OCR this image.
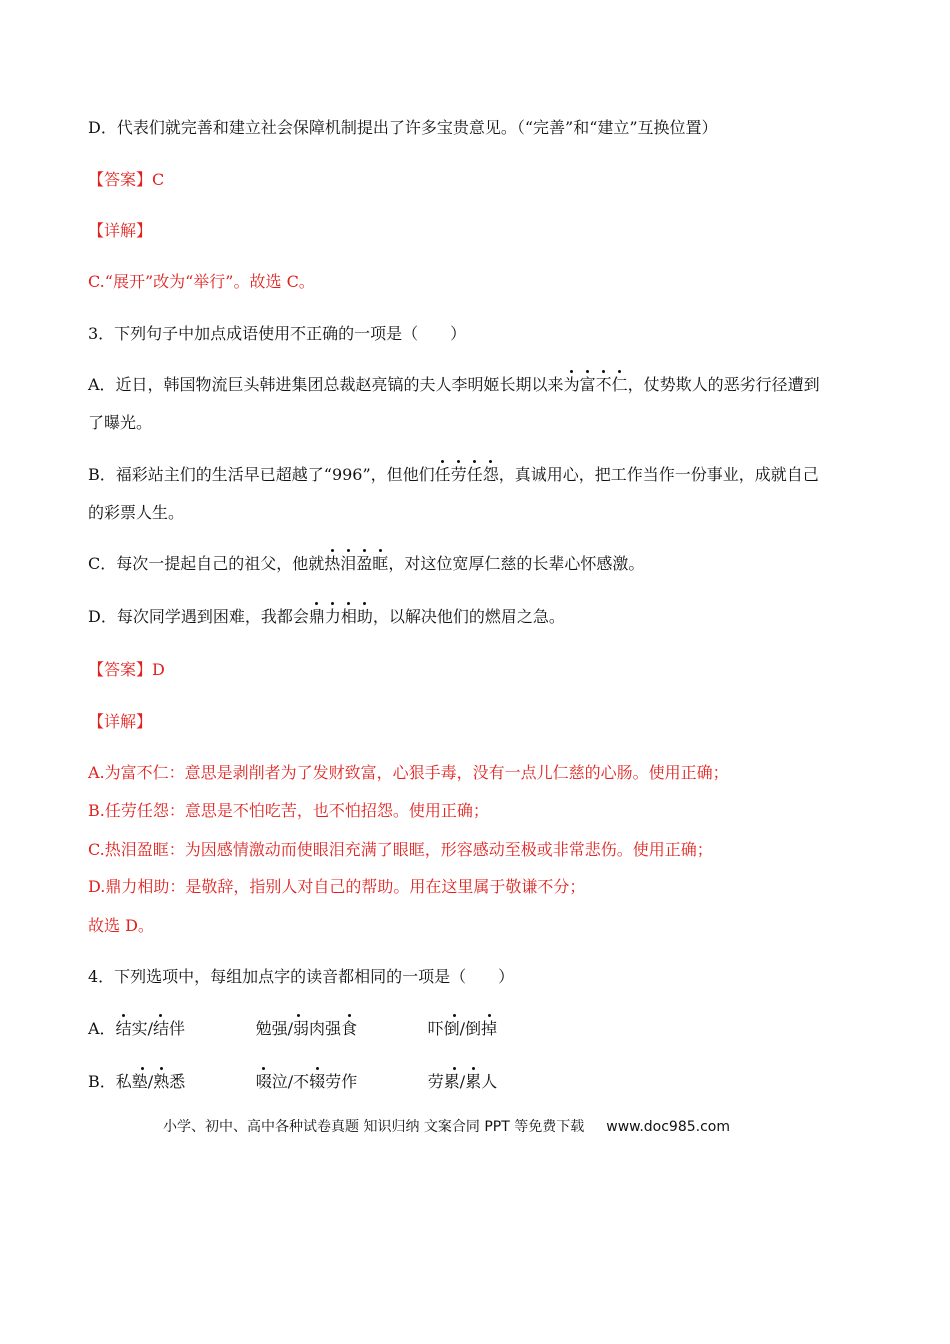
D．代表们就完善和建立社会保障机制提出了许多宝贵意见。（“完善”和“建立”互换位置）
【答案】C
【详解】
C.“展开”改为“举行”。故选 C。
3．下列句子中加点成语使用不正确的一项是（　　）
A．近日，韩国物流巨头韩进集团总裁赵亮镐的夫人李明姬长期以来为富不仁，仗势欺人的恶劣行径遭到
了曝光。
B．福彩站主们的生活早已超越了“996”，但他们任劳任怨，真诚用心，把工作当作一份事业，成就自己
的彩票人生。
C．每次一提起自己的祖父，他就热泪盈眶，对这位宽厚仁慈的长辈心怀感激。
D．每次同学遇到困难，我都会鼎力相助，以解决他们的燃眉之急。
【答案】D
【详解】
A.为富不仁：意思是剥削者为了发财致富，心狠手毒，没有一点儿仁慈的心肠。使用正确；
B.任劳任怨：意思是不怕吃苦，也不怕招怨。使用正确；
C.热泪盈眶：为因感情激动而使眼泪充满了眼眶，形容感动至极或非常悲伤。使用正确；
D.鼎力相助：是敬辞，指别人对自己的帮助。用在这里属于敬谦不分；
故选 D。
4．下列选项中，每组加点字的读音都相同的一项是（　　）
A．结实/结伴	勉强/弱肉强食	吓倒/倒掉
B．私塾/熟悉	啜泣/不辍劳作	劳累/累人
小学、初中、高中各种试卷真题 知识归纳 文案合同 PPT 等免费下载 www.doc985.com
